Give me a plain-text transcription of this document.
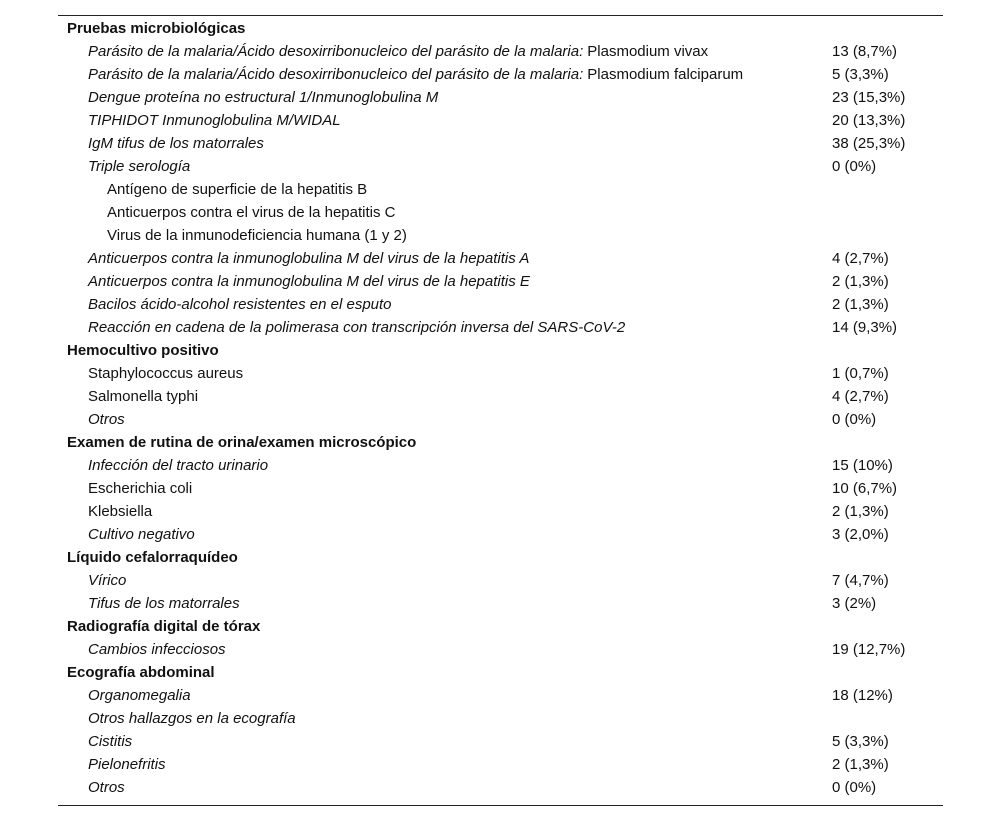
Pruebas microbiológicas
Parásito de la malaria/Ácido desoxirribonucleico del parásito de la malaria: Plasmodium vivax	13 (8,7%)
Parásito de la malaria/Ácido desoxirribonucleico del parásito de la malaria: Plasmodium falciparum	5 (3,3%)
Dengue proteína no estructural 1/Inmunoglobulina M	23 (15,3%)
TIPHIDOT Inmunoglobulina M/WIDAL	20 (13,3%)
IgM tifus de los matorrales	38 (25,3%)
Triple serología	0 (0%)
Antígeno de superficie de la hepatitis B
Anticuerpos contra el virus de la hepatitis C
Virus de la inmunodeficiencia humana (1 y 2)
Anticuerpos contra la inmunoglobulina M del virus de la hepatitis A	4 (2,7%)
Anticuerpos contra la inmunoglobulina M del virus de la hepatitis E	2 (1,3%)
Bacilos ácido-alcohol resistentes en el esputo	2 (1,3%)
Reacción en cadena de la polimerasa con transcripción inversa del SARS-CoV-2	14 (9,3%)
Hemocultivo positivo
Staphylococcus aureus	1 (0,7%)
Salmonella typhi	4 (2,7%)
Otros	0 (0%)
Examen de rutina de orina/examen microscópico
Infección del tracto urinario	15 (10%)
Escherichia coli	10 (6,7%)
Klebsiella	2 (1,3%)
Cultivo negativo	3 (2,0%)
Líquido cefalorraquídeo
Vírico	7 (4,7%)
Tifus de los matorrales	3 (2%)
Radiografía digital de tórax
Cambios infecciosos	19 (12,7%)
Ecografía abdominal
Organomegalia	18 (12%)
Otros hallazgos en la ecografía
Cistitis	5 (3,3%)
Pielonefritis	2 (1,3%)
Otros	0 (0%)
